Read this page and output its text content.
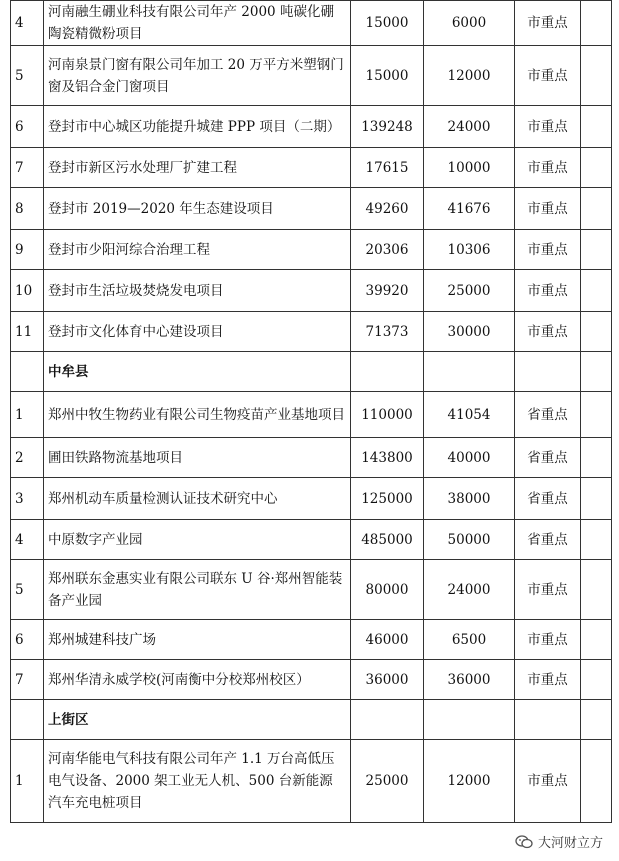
4	河南融生硼业科技有限公司年产 2000 吨碳化硼陶瓷精微粉项目	15000	6000	市重点	
5	河南泉景门窗有限公司年加工 20 万平方米塑钢门窗及铝合金门窗项目	15000	12000	市重点	
6	登封市中心城区功能提升城建 PPP 项目（二期）	139248	24000	市重点	
7	登封市新区污水处理厂扩建工程	17615	10000	市重点	
8	登封市 2019—2020 年生态建设项目	49260	41676	市重点	
9	登封市少阳河综合治理工程	20306	10306	市重点	
10	登封市生活垃圾焚烧发电项目	39920	25000	市重点	
11	登封市文化体育中心建设项目	71373	30000	市重点	
	中牟县				
1	郑州中牧生物药业有限公司生物疫苗产业基地项目	110000	41054	省重点	
2	圃田铁路物流基地项目	143800	40000	省重点	
3	郑州机动车质量检测认证技术研究中心	125000	38000	省重点	
4	中原数字产业园	485000	50000	省重点	
5	郑州联东金惠实业有限公司联东 U 谷·郑州智能装备产业园	80000	24000	市重点	
6	郑州城建科技广场	46000	6500	市重点	
7	郑州华清永威学校(河南衡中分校郑州校区）	36000	36000	市重点	
	上街区				
1	河南华能电气科技有限公司年产 1.1 万台高低压电气设备、2000 架工业无人机、500 台新能源汽车充电桩项目	25000	12000	市重点	
大河财立方
